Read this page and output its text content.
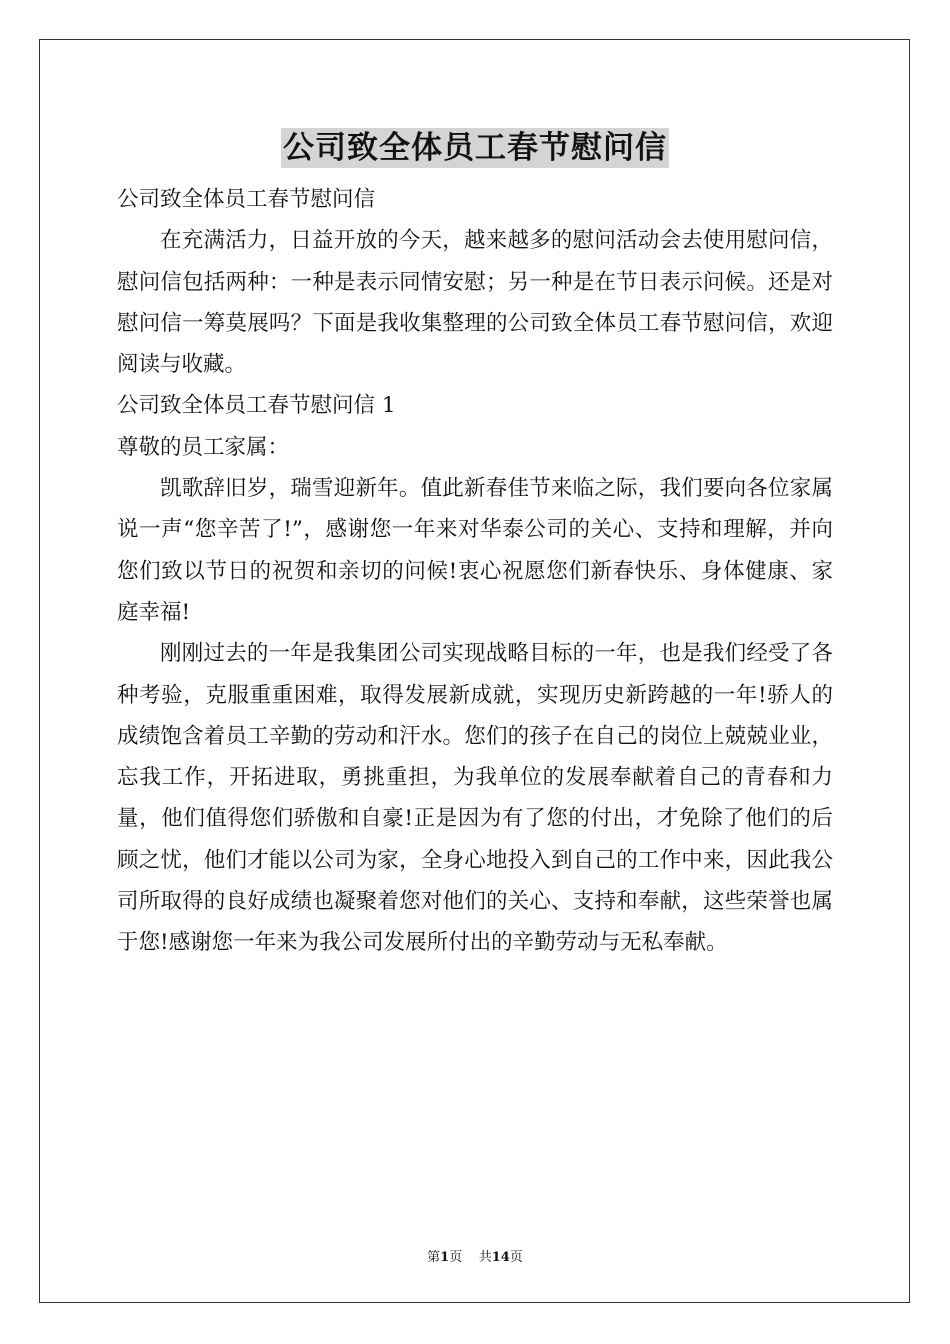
公司致全体员工春节慰问信

公司致全体员工春节慰问信

在充满活力，日益开放的今天，越来越多的慰问活动会去使用慰问信，慰问信包括两种：一种是表示同情安慰；另一种是在节日表示问候。还是对慰问信一筹莫展吗？下面是我收集整理的公司致全体员工春节慰问信，欢迎阅读与收藏。

公司致全体员工春节慰问信 1

尊敬的员工家属：

凯歌辞旧岁，瑞雪迎新年。值此新春佳节来临之际，我们要向各位家属说一声“您辛苦了!”，感谢您一年来对华泰公司的关心、支持和理解，并向您们致以节日的祝贺和亲切的问候!衷心祝愿您们新春快乐、身体健康、家庭幸福!

刚刚过去的一年是我集团公司实现战略目标的一年，也是我们经受了各种考验，克服重重困难，取得发展新成就，实现历史新跨越的一年!骄人的成绩饱含着员工辛勤的劳动和汗水。您们的孩子在自己的岗位上兢兢业业，忘我工作，开拓进取，勇挑重担，为我单位的发展奉献着自己的青春和力量，他们值得您们骄傲和自豪!正是因为有了您的付出，才免除了他们的后顾之忧，他们才能以公司为家，全身心地投入到自己的工作中来，因此我公司所取得的良好成绩也凝聚着您对他们的关心、支持和奉献，这些荣誉也属于您!感谢您一年来为我公司发展所付出的辛勤劳动与无私奉献。

第1页 共14页
